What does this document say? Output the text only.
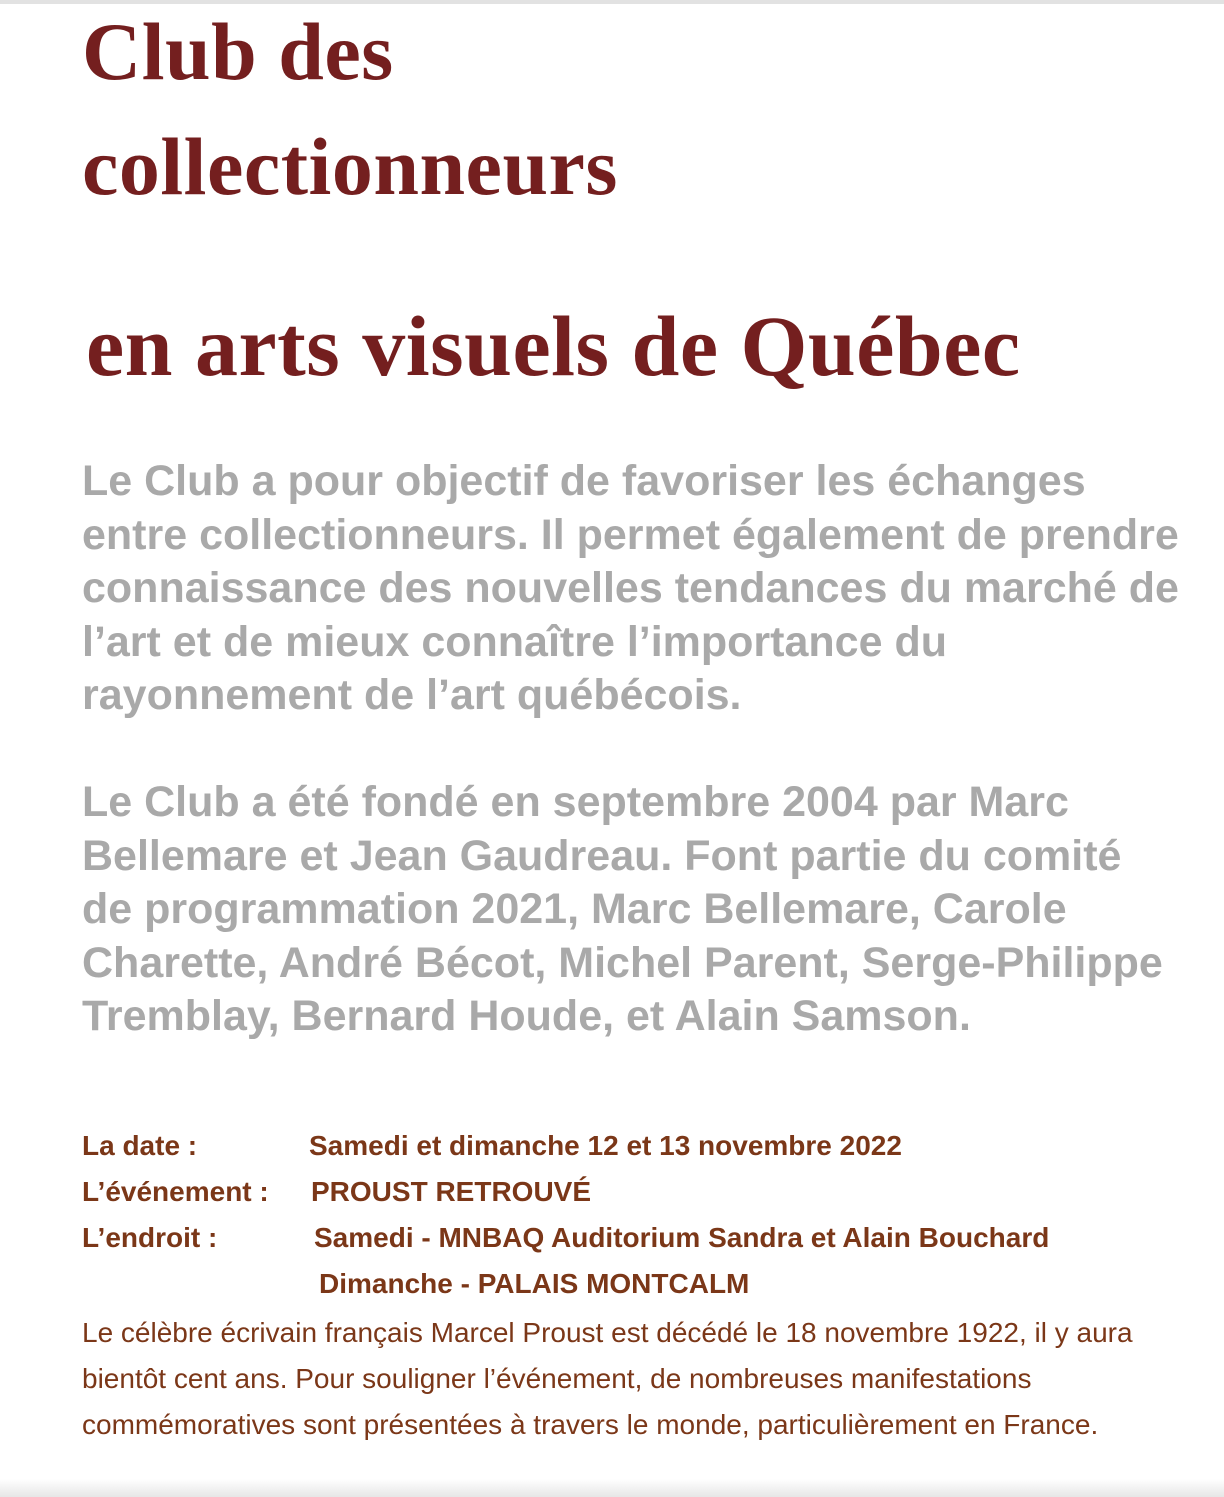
Club des
collectionneurs
en arts visuels de Québec

Le Club a pour objectif de favoriser les échanges entre collectionneurs. Il permet également de prendre connaissance des nouvelles tendances du marché de l’art et de mieux connaître l’importance du rayonnement de l’art québécois.

Le Club a été fondé en septembre 2004 par Marc Bellemare et Jean Gaudreau. Font partie du comité de programmation 2021, Marc Bellemare, Carole Charette, André Bécot, Michel Parent, Serge-Philippe Tremblay, Bernard Houde, et Alain Samson.

La date :	Samedi et dimanche 12 et 13 novembre 2022
L’événement : PROUST RETROUVÉ
L’endroit :	Samedi - MNBAQ Auditorium Sandra et Alain Bouchard
Dimanche - PALAIS MONTCALM

Le célèbre écrivain français Marcel Proust est décédé le 18 novembre 1922, il y aura bientôt cent ans. Pour souligner l’événement, de nombreuses manifestations commémoratives sont présentées à travers le monde, particulièrement en France.
